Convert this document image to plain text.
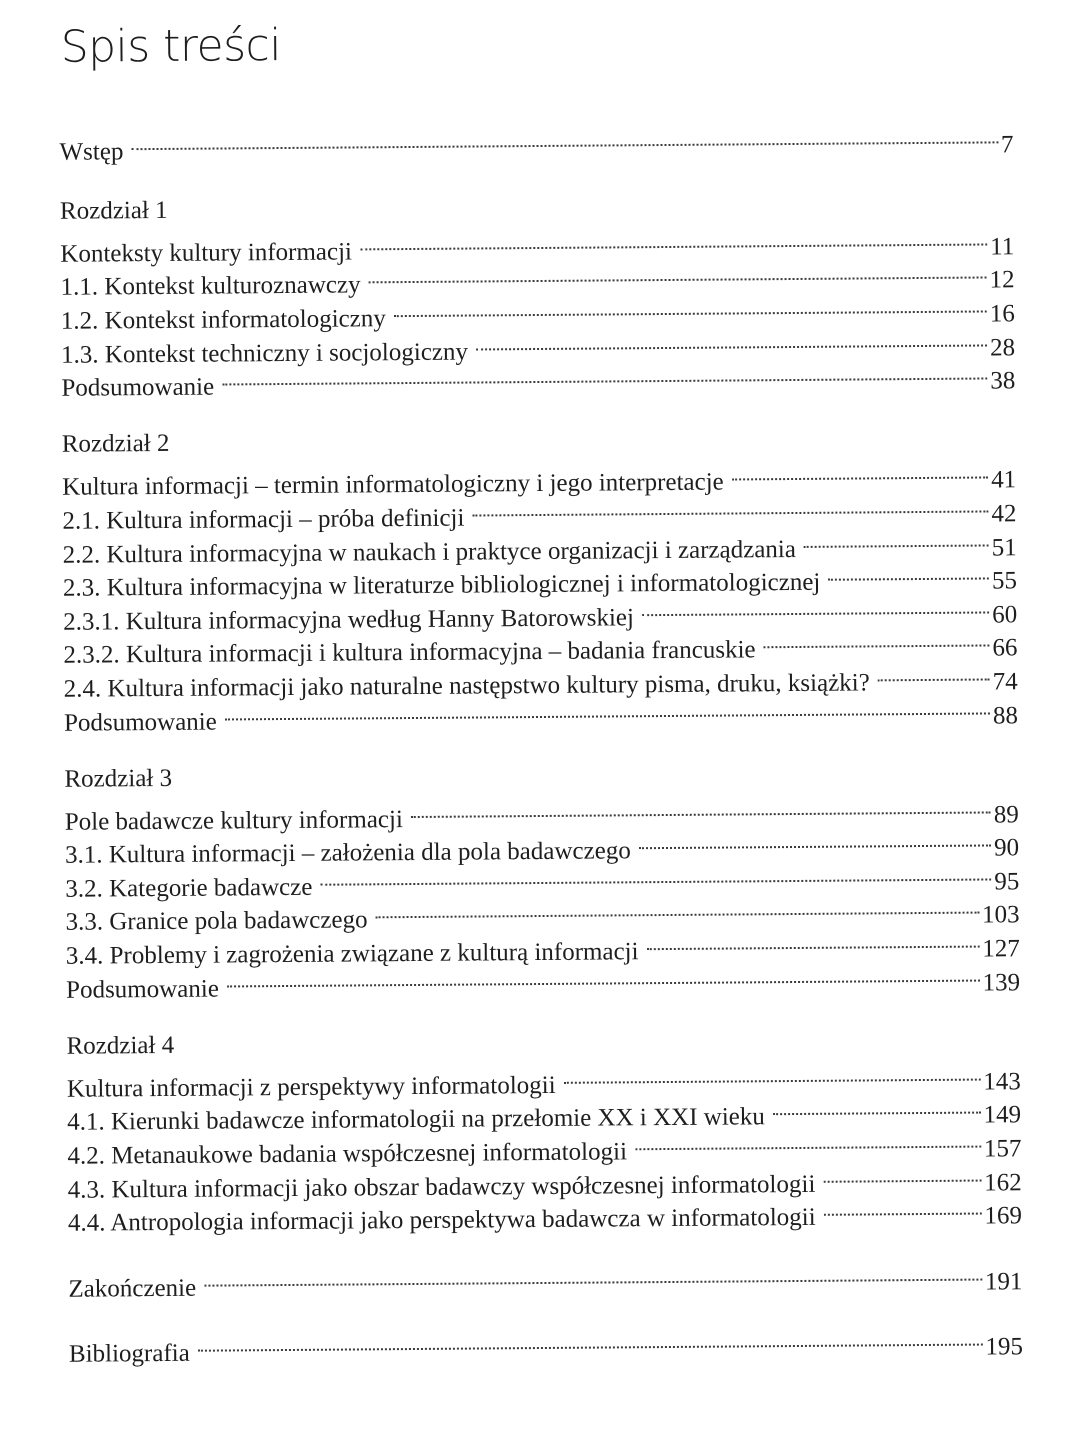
Spis treści
Wstęp	7
Rozdział 1
Konteksty kultury informacji	11
1.1. Kontekst kulturoznawczy	12
1.2. Kontekst informatologiczny	16
1.3. Kontekst techniczny i socjologiczny	28
Podsumowanie	38
Rozdział 2
Kultura informacji – termin informatologiczny i jego interpretacje	41
2.1. Kultura informacji – próba definicji	42
2.2. Kultura informacyjna w naukach i praktyce organizacji i zarządzania	51
2.3. Kultura informacyjna w literaturze bibliologicznej i informatologicznej	55
2.3.1. Kultura informacyjna według Hanny Batorowskiej	60
2.3.2. Kultura informacji i kultura informacyjna – badania francuskie	66
2.4. Kultura informacji jako naturalne następstwo kultury pisma, druku, książki?	74
Podsumowanie	88
Rozdział 3
Pole badawcze kultury informacji	89
3.1. Kultura informacji – założenia dla pola badawczego	90
3.2. Kategorie badawcze	95
3.3. Granice pola badawczego	103
3.4. Problemy i zagrożenia związane z kulturą informacji	127
Podsumowanie	139
Rozdział 4
Kultura informacji z perspektywy informatologii	143
4.1. Kierunki badawcze informatologii na przełomie XX i XXI wieku	149
4.2. Metanaukowe badania współczesnej informatologii	157
4.3. Kultura informacji jako obszar badawczy współczesnej informatologii	162
4.4. Antropologia informacji jako perspektywa badawcza w informatologii	169
Zakończenie	191
Bibliografia	195
